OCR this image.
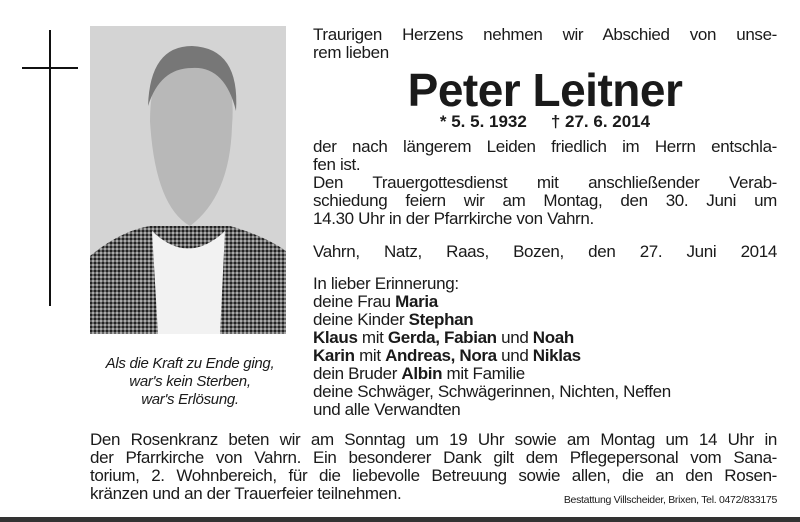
Als die Kraft zu Ende ging,
war's kein Sterben,
war's Erlösung.
Traurigen Herzens nehmen wir Abschied von unse-
rem lieben
Peter Leitner
* 5. 5. 1932 † 27. 6. 2014
der nach längerem Leiden friedlich im Herrn entschla-
fen ist.
Den Trauergottesdienst mit anschließender Verab-
schiedung feiern wir am Montag, den 30. Juni um
14.30 Uhr in der Pfarrkirche von Vahrn.
Vahrn, Natz, Raas, Bozen, den 27. Juni 2014
In lieber Erinnerung:
deine Frau Maria
deine Kinder Stephan
Klaus mit Gerda, Fabian und Noah
Karin mit Andreas, Nora und Niklas
dein Bruder Albin mit Familie
deine Schwäger, Schwägerinnen, Nichten, Neffen
und alle Verwandten
Den Rosenkranz beten wir am Sonntag um 19 Uhr sowie am Montag um 14 Uhr in
der Pfarrkirche von Vahrn. Ein besonderer Dank gilt dem Pflegepersonal vom Sana-
torium, 2. Wohnbereich, für die liebevolle Betreuung sowie allen, die an den Rosen-
kränzen und an der Trauerfeier teilnehmen.	Bestattung Villscheider, Brixen, Tel. 0472/833175
